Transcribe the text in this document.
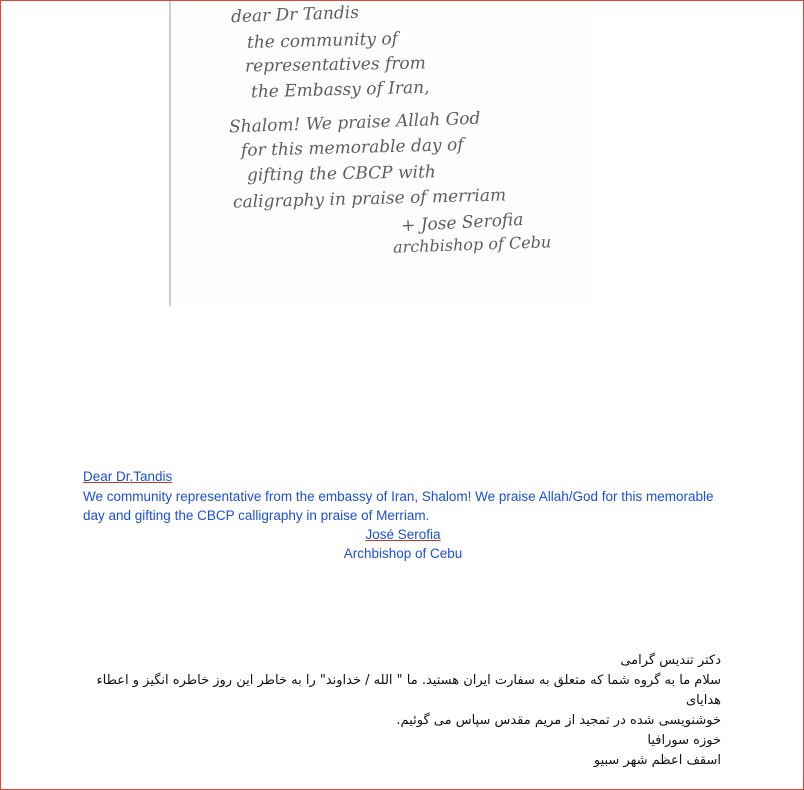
dear Dr Tandis
the community of
representatives from
the Embassy of Iran,
Shalom! We praise Allah God
for this memorable day of
gifting the CBCP with
caligraphy in praise of merriam
+ Jose Serofia
archbishop of Cebu

Dear Dr.Tandis

We community representative from the embassy of Iran, Shalom! We praise Allah/God for this memorable day and gifting the CBCP calligraphy in praise of Merriam.

José Serofia

Archbishop of Cebu

دکتر تندیس گرامی

سلام ما به گروه شما که متعلق به سفارت ایران هستید. ما " الله / خداوند" را به خاطر این روز خاطره انگیز و اعطاء هدایای

خوشنویسی شده در تمجید از مریم مقدس سپاس می گوئیم.

خوزه سورافیا

اسقف اعظم شهر سبیو
